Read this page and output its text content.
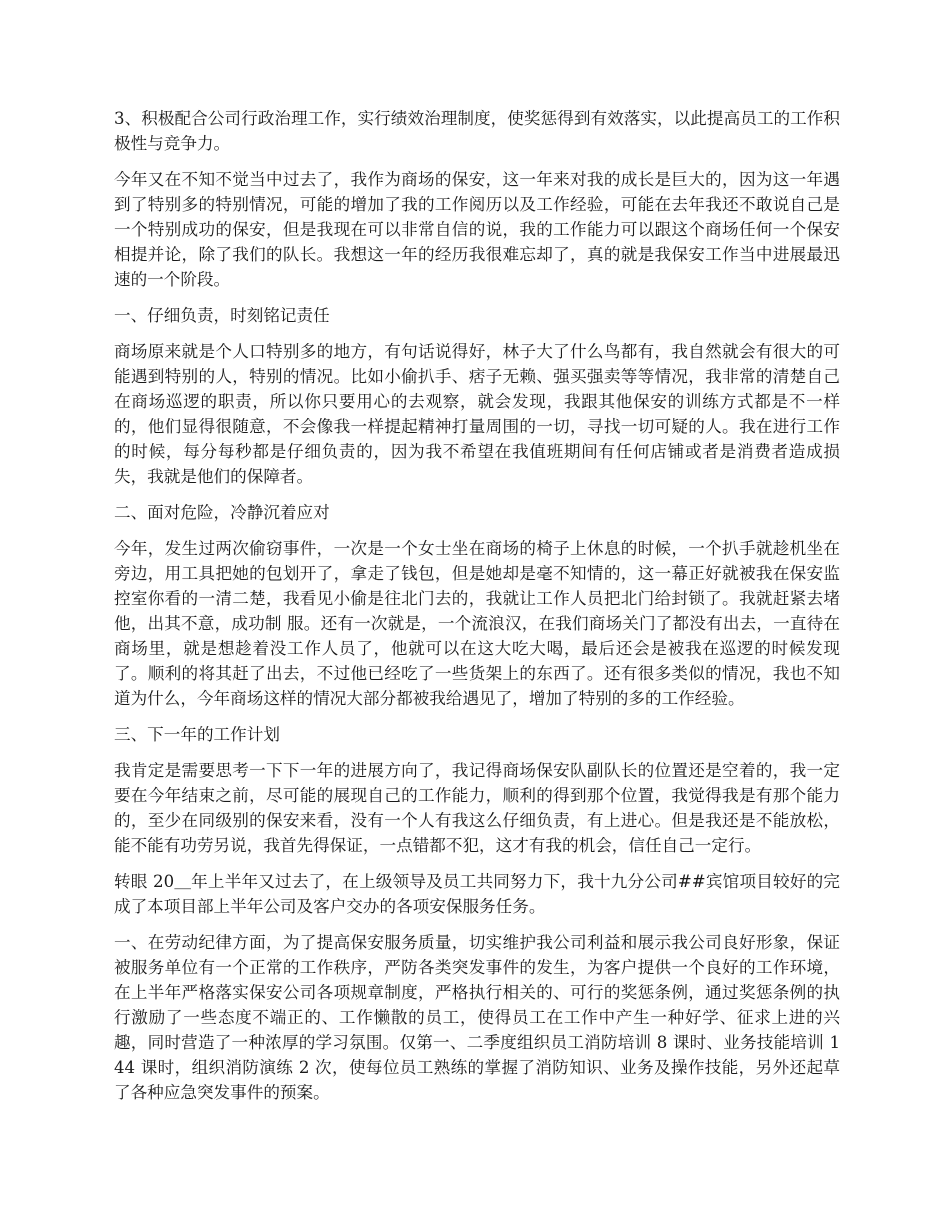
3、积极配合公司行政治理工作，实行绩效治理制度，使奖惩得到有效落实，以此提高员工的工作积极性与竞争力。

今年又在不知不觉当中过去了，我作为商场的保安，这一年来对我的成长是巨大的，因为这一年遇到了特别多的特别情况，可能的增加了我的工作阅历以及工作经验，可能在去年我还不敢说自己是一个特别成功的保安，但是我现在可以非常自信的说，我的工作能力可以跟这个商场任何一个保安相提并论，除了我们的队长。我想这一年的经历我很难忘却了，真的就是我保安工作当中进展最迅速的一个阶段。

一、仔细负责，时刻铭记责任

商场原来就是个人口特别多的地方，有句话说得好，林子大了什么鸟都有，我自然就会有很大的可能遇到特别的人，特别的情况。比如小偷扒手、痞子无赖、强买强卖等等情况，我非常的清楚自己在商场巡逻的职责，所以你只要用心的去观察，就会发现，我跟其他保安的训练方式都是不一样的，他们显得很随意，不会像我一样提起精神打量周围的一切，寻找一切可疑的人。我在进行工作的时候，每分每秒都是仔细负责的，因为我不希望在我值班期间有任何店铺或者是消费者造成损失，我就是他们的保障者。

二、面对危险，冷静沉着应对

今年，发生过两次偷窃事件，一次是一个女士坐在商场的椅子上休息的时候，一个扒手就趁机坐在旁边，用工具把她的包划开了，拿走了钱包，但是她却是毫不知情的，这一幕正好就被我在保安监控室你看的一清二楚，我看见小偷是往北门去的，我就让工作人员把北门给封锁了。我就赶紧去堵他，出其不意，成功制 服。还有一次就是，一个流浪汉，在我们商场关门了都没有出去，一直待在商场里，就是想趁着没工作人员了，他就可以在这大吃大喝，最后还会是被我在巡逻的时候发现了。顺利的将其赶了出去，不过他已经吃了一些货架上的东西了。还有很多类似的情况，我也不知道为什么，今年商场这样的情况大部分都被我给遇见了，增加了特别的多的工作经验。

三、下一年的工作计划

我肯定是需要思考一下下一年的进展方向了，我记得商场保安队副队长的位置还是空着的，我一定要在今年结束之前，尽可能的展现自己的工作能力，顺利的得到那个位置，我觉得我是有那个能力的，至少在同级别的保安来看，没有一个人有我这么仔细负责，有上进心。但是我还是不能放松，能不能有功劳另说，我首先得保证，一点错都不犯，这才有我的机会，信任自己一定行。

转眼 20＿年上半年又过去了，在上级领导及员工共同努力下，我十九分公司##宾馆项目较好的完成了本项目部上半年公司及客户交办的各项安保服务任务。

一、在劳动纪律方面，为了提高保安服务质量，切实维护我公司利益和展示我公司良好形象，保证被服务单位有一个正常的工作秩序，严防各类突发事件的发生，为客户提供一个良好的工作环境，在上半年严格落实保安公司各项规章制度，严格执行相关的、可行的奖惩条例，通过奖惩条例的执行激励了一些态度不端正的、工作懒散的员工，使得员工在工作中产生一种好学、征求上进的兴趣，同时营造了一种浓厚的学习氛围。仅第一、二季度组织员工消防培训 8 课时、业务技能培训 144 课时，组织消防演练 2 次，使每位员工熟练的掌握了消防知识、业务及操作技能，另外还起草了各种应急突发事件的预案。
